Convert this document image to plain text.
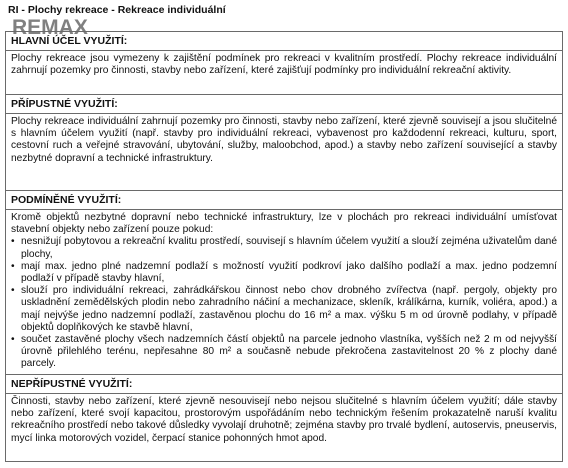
RI - Plochy rekreace - Rekreace individuální
REMAX
HLAVNÍ ÚČEL VYUŽITÍ:

Plochy rekreace jsou vymezeny k zajištění podmínek pro rekreaci v kvalitním prostředí. Plochy rekreace individuální zahrnují pozemky pro činnosti, stavby nebo zařízení, které zajišťují podmínky pro individuální rekreační aktivity.

PŘÍPUSTNÉ VYUŽITÍ:

Plochy rekreace individuální zahrnují pozemky pro činnosti, stavby nebo zařízení, které zjevně souvisejí a jsou slučitelné s hlavním účelem využití (např. stavby pro individuální rekreaci, vybavenost pro každodenní rekreaci, kulturu, sport, cestovní ruch a veřejné stravování, ubytování, služby, maloobchod, apod.) a stavby nebo zařízení související a stavby nezbytné dopravní a technické infrastruktury.

PODMÍNĚNÉ VYUŽITÍ:

Kromě objektů nezbytné dopravní nebo technické infrastruktury, lze v plochách pro rekreaci individuální umísťovat stavební objekty nebo zařízení pouze pokud:

• nesnižují pobytovou a rekreační kvalitu prostředí, souvisejí s hlavním účelem využití a slouží zejména uživatelům dané plochy,
• mají max. jedno plné nadzemní podlaží s možností využití podkroví jako dalšího podlaží a max. jedno podzemní podlaží v případě stavby hlavní,
• slouží pro individuální rekreaci, zahrádkářskou činnost nebo chov drobného zvířectva (např. pergoly, objekty pro uskladnění zemědělských plodin nebo zahradního náčiní a mechanizace, skleník, králíkárna, kurník, voliéra, apod.) a mají nejvýše jedno nadzemní podlaží, zastavěnou plochu do 16 m² a max. výšku 5 m od úrovně podlahy, v případě objektů doplňkových ke stavbě hlavní,
• součet zastavěné plochy všech nadzemních částí objektů na parcele jednoho vlastníka, vyšších než 2 m od nejvyšší úrovně přilehlého terénu, nepřesahne 80 m² a současně nebude překročena zastavitelnost 20 % z plochy dané parcely.
NEPŘÍPUSTNÉ VYUŽITÍ:

Činnosti, stavby nebo zařízení, které zjevně nesouvisejí nebo nejsou slučitelné s hlavním účelem využití; dále stavby nebo zařízení, které svojí kapacitou, prostorovým uspořádáním nebo technickým řešením prokazatelně naruší kvalitu rekreačního prostředí nebo takové důsledky vyvolají druhotně; zejména stavby pro trvalé bydlení, autoservis, pneuservis, mycí linka motorových vozidel, čerpací stanice pohonných hmot apod.
